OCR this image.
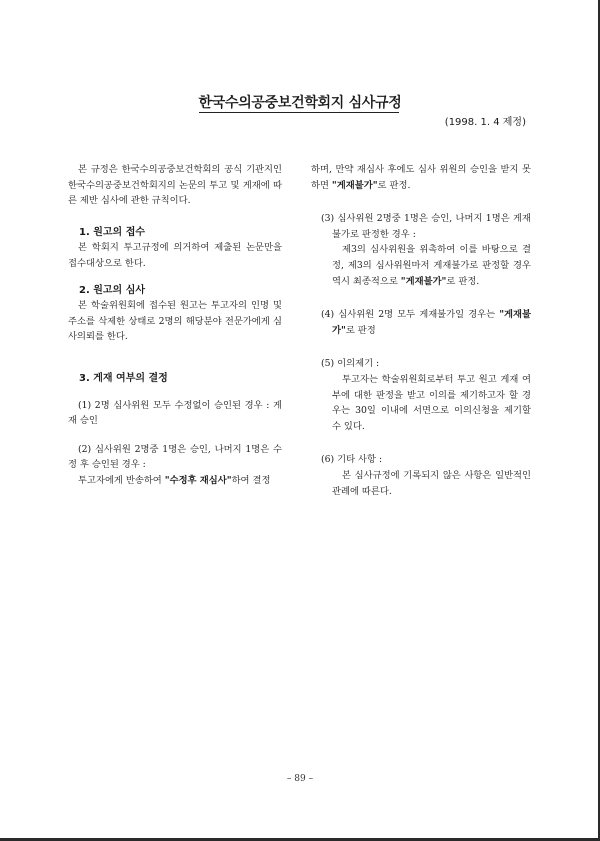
한국수의공중보건학회지 심사규정
(1998. 1. 4 제정)

본 규정은 한국수의공중보건학회의 공식 기관지인 한국수의공중보건학회지의 논문의 투고 및 게재에 따른 제반 심사에 관한 규칙이다.

1. 원고의 접수

본 학회지 투고규정에 의거하여 제출된 논문만을 접수대상으로 한다.

2. 원고의 심사

본 학술위원회에 접수된 원고는 투고자의 인명 및 주소를 삭제한 상태로 2명의 해당분야 전문가에게 심사의뢰를 한다.

3. 게재 여부의 결정

(1) 2명 심사위원 모두 수정없이 승인된 경우 : 게재 승인

(2) 심사위원 2명중 1명은 승인, 나머지 1명은 수정 후 승인된 경우 :

투고자에게 반송하여 "수정후 재심사"하여 결정

하며, 만약 재심사 후에도 심사 위원의 승인을 받지 못하면 "게재불가"로 판정.

(3) 심사위원 2명중 1명은 승인, 나머지 1명은 게재불가로 판정한 경우 :

제3의 심사위원을 위촉하여 이를 바탕으로 결정, 제3의 심사위원마저 게재불가로 판정할 경우 역시 최종적으로 "게재불가"로 판정.

(4) 심사위원 2명 모두 게재불가일 경우는 "게재불가"로 판정

(5) 이의제기 :

투고자는 학술위원회로부터 투고 원고 게재 여부에 대한 판정을 받고 이의를 제기하고자 할 경우는 30일 이내에 서면으로 이의신청을 제기할 수 있다.

(6) 기타 사항 :

본 심사규정에 기록되지 않은 사항은 일반적인 관례에 따른다.

– 89 –
